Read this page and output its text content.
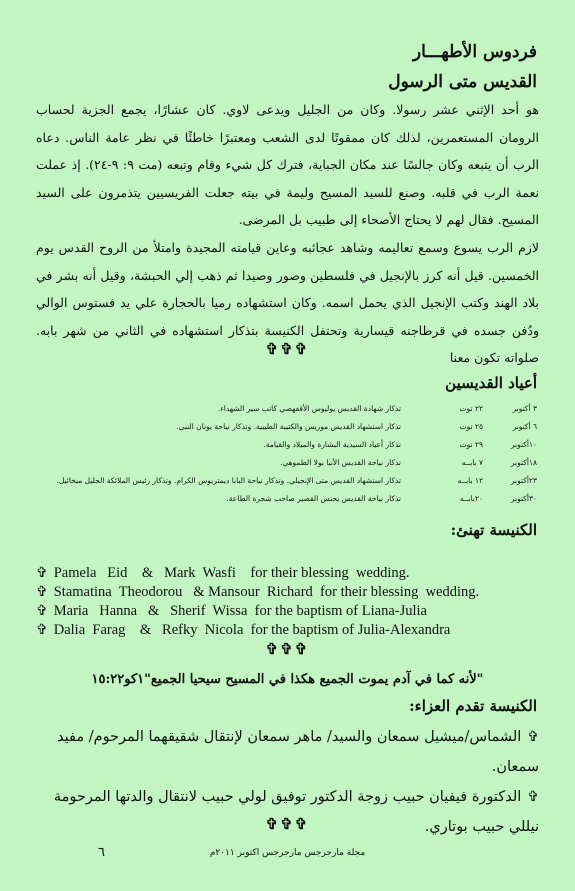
فردوس الأطهـــار
القديس متى الرسول
هو أحد الإثني عشر رسولا. وكان من الجليل ويدعى لاوي. كان عشارًا، يجمع الجزية لحساب الرومان المستعمرين، لذلك كان ممقوتًا لدى الشعب ومعتبرًا خاطئًا في نظر عامة الناس. دعاه الرب أن يتبعه وكان جالسًا عند مكان الجباية، فترك كل شيء وقام وتبعه (مت ٩: ٩-٢٤). إذ عملت نعمة الرب في قلبه. وصنع للسيد المسيح وليمة في بيته جعلت الفريسيين يتذمرون على السيد المسيح. فقال لهم لا يحتاج الأصحاء إلى طبيب بل المرضى.
لازم الرب يسوع وسمع تعاليمه وشاهد عجائبه وعاين قيامته المجيدة وامتلأ من الروح القدس يوم الخمسين. قيل أنه كرز بالإنجيل في فلسطين وصور وصيدا ثم ذهب إلي الحبشة، وقيل أنه بشر في بلاد الهند وكتب الإنجيل الذي يحمل اسمه. وكان استشهاده رميا بالحجارة علي يد فستوس الوالي ودُفن جسده في قرطاجنه قيسارية وتحتفل الكنيسة بتذكار استشهاده في الثاني من شهر بابه. صلواته تكون معنا
✞✞✞
أعياد القديسين
٣ أكتوبر	٢٢ توت	تذكار شهادة القديس يوليوس الأقفهصي كاتب سير الشهداء.
٦ أكتوبر	٢٥ توت	تذكار استشهاد القديس موريس والكتيبة الطيبية. وتذكار نياحة يونان النبي.
١٠أكتوبر	٢٩ توت	تذكار أعياد السيدية البشارة والميلاد والقيامة.
١٨أكتوبر	٧ بابــه	تذكار نياحة القديس الأنبا بولا الطموهي.
٢٣أكتوبر	١٢ بابــه	تذكار استشهاد القديس متى الإنجيلي. وتذكار نياحة البابا ديمتريوس الكرام. وتذكار رئيس الملائكة الجليل ميخائيل.
٣٠أكتوبر	٢٠بابــه	تذكار نياحة القديس يحنس القصير صاحب شجرة الطاعة.
الكنيسة تهنئ:
✞ Pamela   Eid    &   Mark  Wasfi    for their blessing  wedding.
✞ Stamatina  Theodorou   & Mansour  Richard  for their blessing  wedding.
✞ Maria   Hanna   &   Sherif  Wissa  for the baptism of Liana-Julia
✞ Dalia  Farag    &   Refky  Nicola  for the baptism of Julia-Alexandra
✞✞✞
"لأنه كما في آدم يموت الجميع هكذا في المسيح سيحيا الجميع"١كو١٥:٢٢
الكنيسة تقدم العزاء:
✞الشماس/ميشيل سمعان والسيد/ ماهر سمعان لإنتقال شقيقهما المرحوم/ مفيد سمعان.
✞الدكتورة فيفيان حبيب زوجة الدكتور توفيق لولي حبيب لانتقال والدتها المرحومة نيللي حبيب بوتاري.
✞✞✞
مجلة مارجرجس مارجرجس اكتوبر ٢٠١١م
٦
